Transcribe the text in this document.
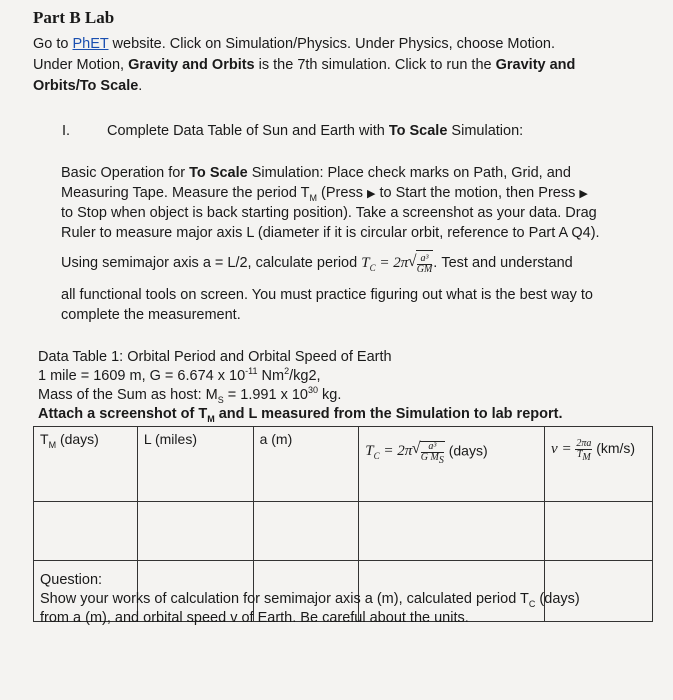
Part B Lab
Go to PhET website. Click on Simulation/Physics. Under Physics, choose Motion.
Under Motion, Gravity and Orbits is the 7th simulation. Click to run the Gravity and
Orbits/To Scale.
I.	Complete Data Table of Sun and Earth with To Scale Simulation:
Basic Operation for To Scale Simulation: Place check marks on Path, Grid, and
Measuring Tape. Measure the period $T_M$ (Press ▶ to Start the motion, then Press ▶
to Stop when object is back starting position). Take a screenshot as your data. Drag
Ruler to measure major axis L (diameter if it is circular orbit, reference to Part A Q4).
Using semimajor axis a = L/2, calculate period $T_C = 2\pi$ √ $\frac{\text{a³}}{GM}$ . Test and understand
all functional tools on screen. You must practice figuring out what is the best way to
complete the measurement.
Data Table 1: Orbital Period and Orbital Speed of Earth
1 mile = 1609 m, G = 6.674 x $10^{-11}$ Nm$^2$/kg2,
Mass of the Sum as host: $M_S = 1.991$ x $10^{30}$ kg.
Attach a screenshot of $T_M$ and L measured from the Simulation to lab report.
$T_M$ (days)	L (miles)	a (m)	$T_C = 2\pi$ √ $\frac{\text{a³}}{G M_S}$ (days)	$v = \frac{2\pi a}{T_M} (km/s)$

Question:
Show your works of calculation for semimajor axis a (m), calculated period $T_C$ (days)
from a (m), and orbital speed v of Earth. Be careful about the units.
